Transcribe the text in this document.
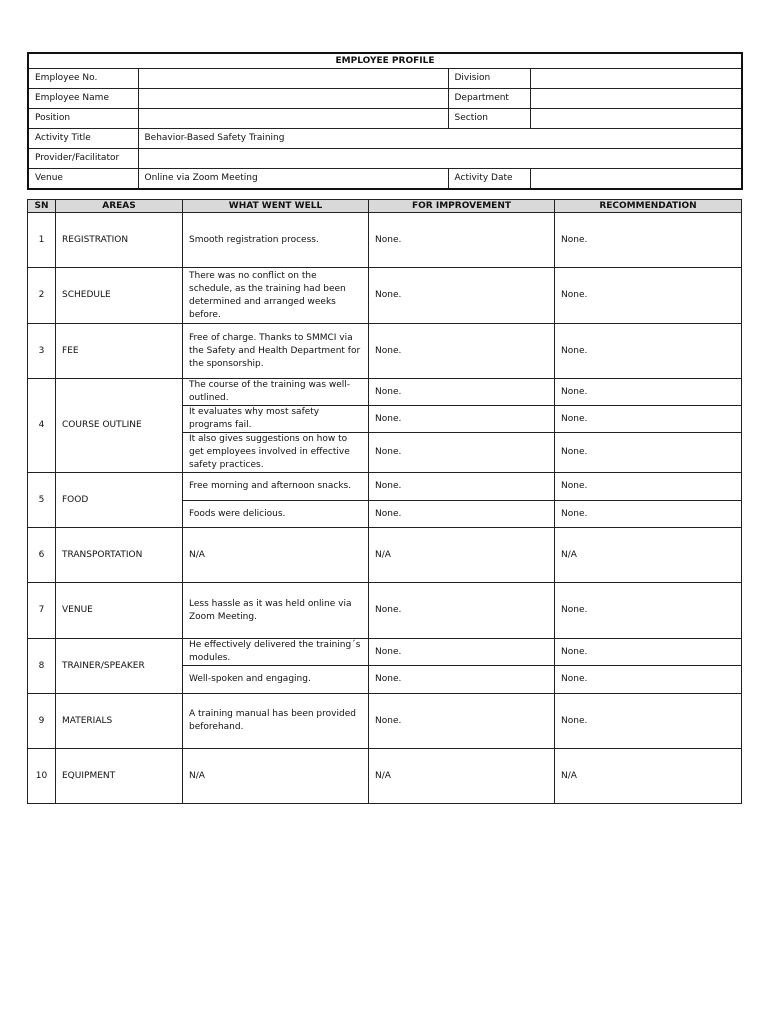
EMPLOYEE PROFILE			
Employee No.		Division	
Employee Name		Department	
Position		Section	
Activity Title	Behavior-Based Safety Training		
Provider/Facilitator			
Venue	Online via Zoom Meeting	Activity Date	
SN	AREAS	WHAT WENT WELL	FOR IMPROVEMENT	RECOMMENDATION
1	REGISTRATION	Smooth registration process.	None.	None.
2	SCHEDULE	There was no conflict on the schedule, as the training had been determined and arranged weeks before.	None.	None.
3	FEE	Free of charge. Thanks to SMMCI via the Safety and Health Department for the sponsorship.	None.	None.
4	COURSE OUTLINE	The course of the training was well-outlined.	None.	None.
		It evaluates why most safety programs fail.	None.	None.
		It also gives suggestions on how to get employees involved in effective safety practices.	None.	None.
5	FOOD	Free morning and afternoon snacks.	None.	None.
		Foods were delicious.	None.	None.
6	TRANSPORTATION	N/A	N/A	N/A
7	VENUE	Less hassle as it was held online via Zoom Meeting.	None.	None.
8	TRAINER/SPEAKER	He effectively delivered the training´s modules.	None.	None.
		Well-spoken and engaging.	None.	None.
9	MATERIALS	A training manual has been provided beforehand.	None.	None.
10	EQUIPMENT	N/A	N/A	N/A
